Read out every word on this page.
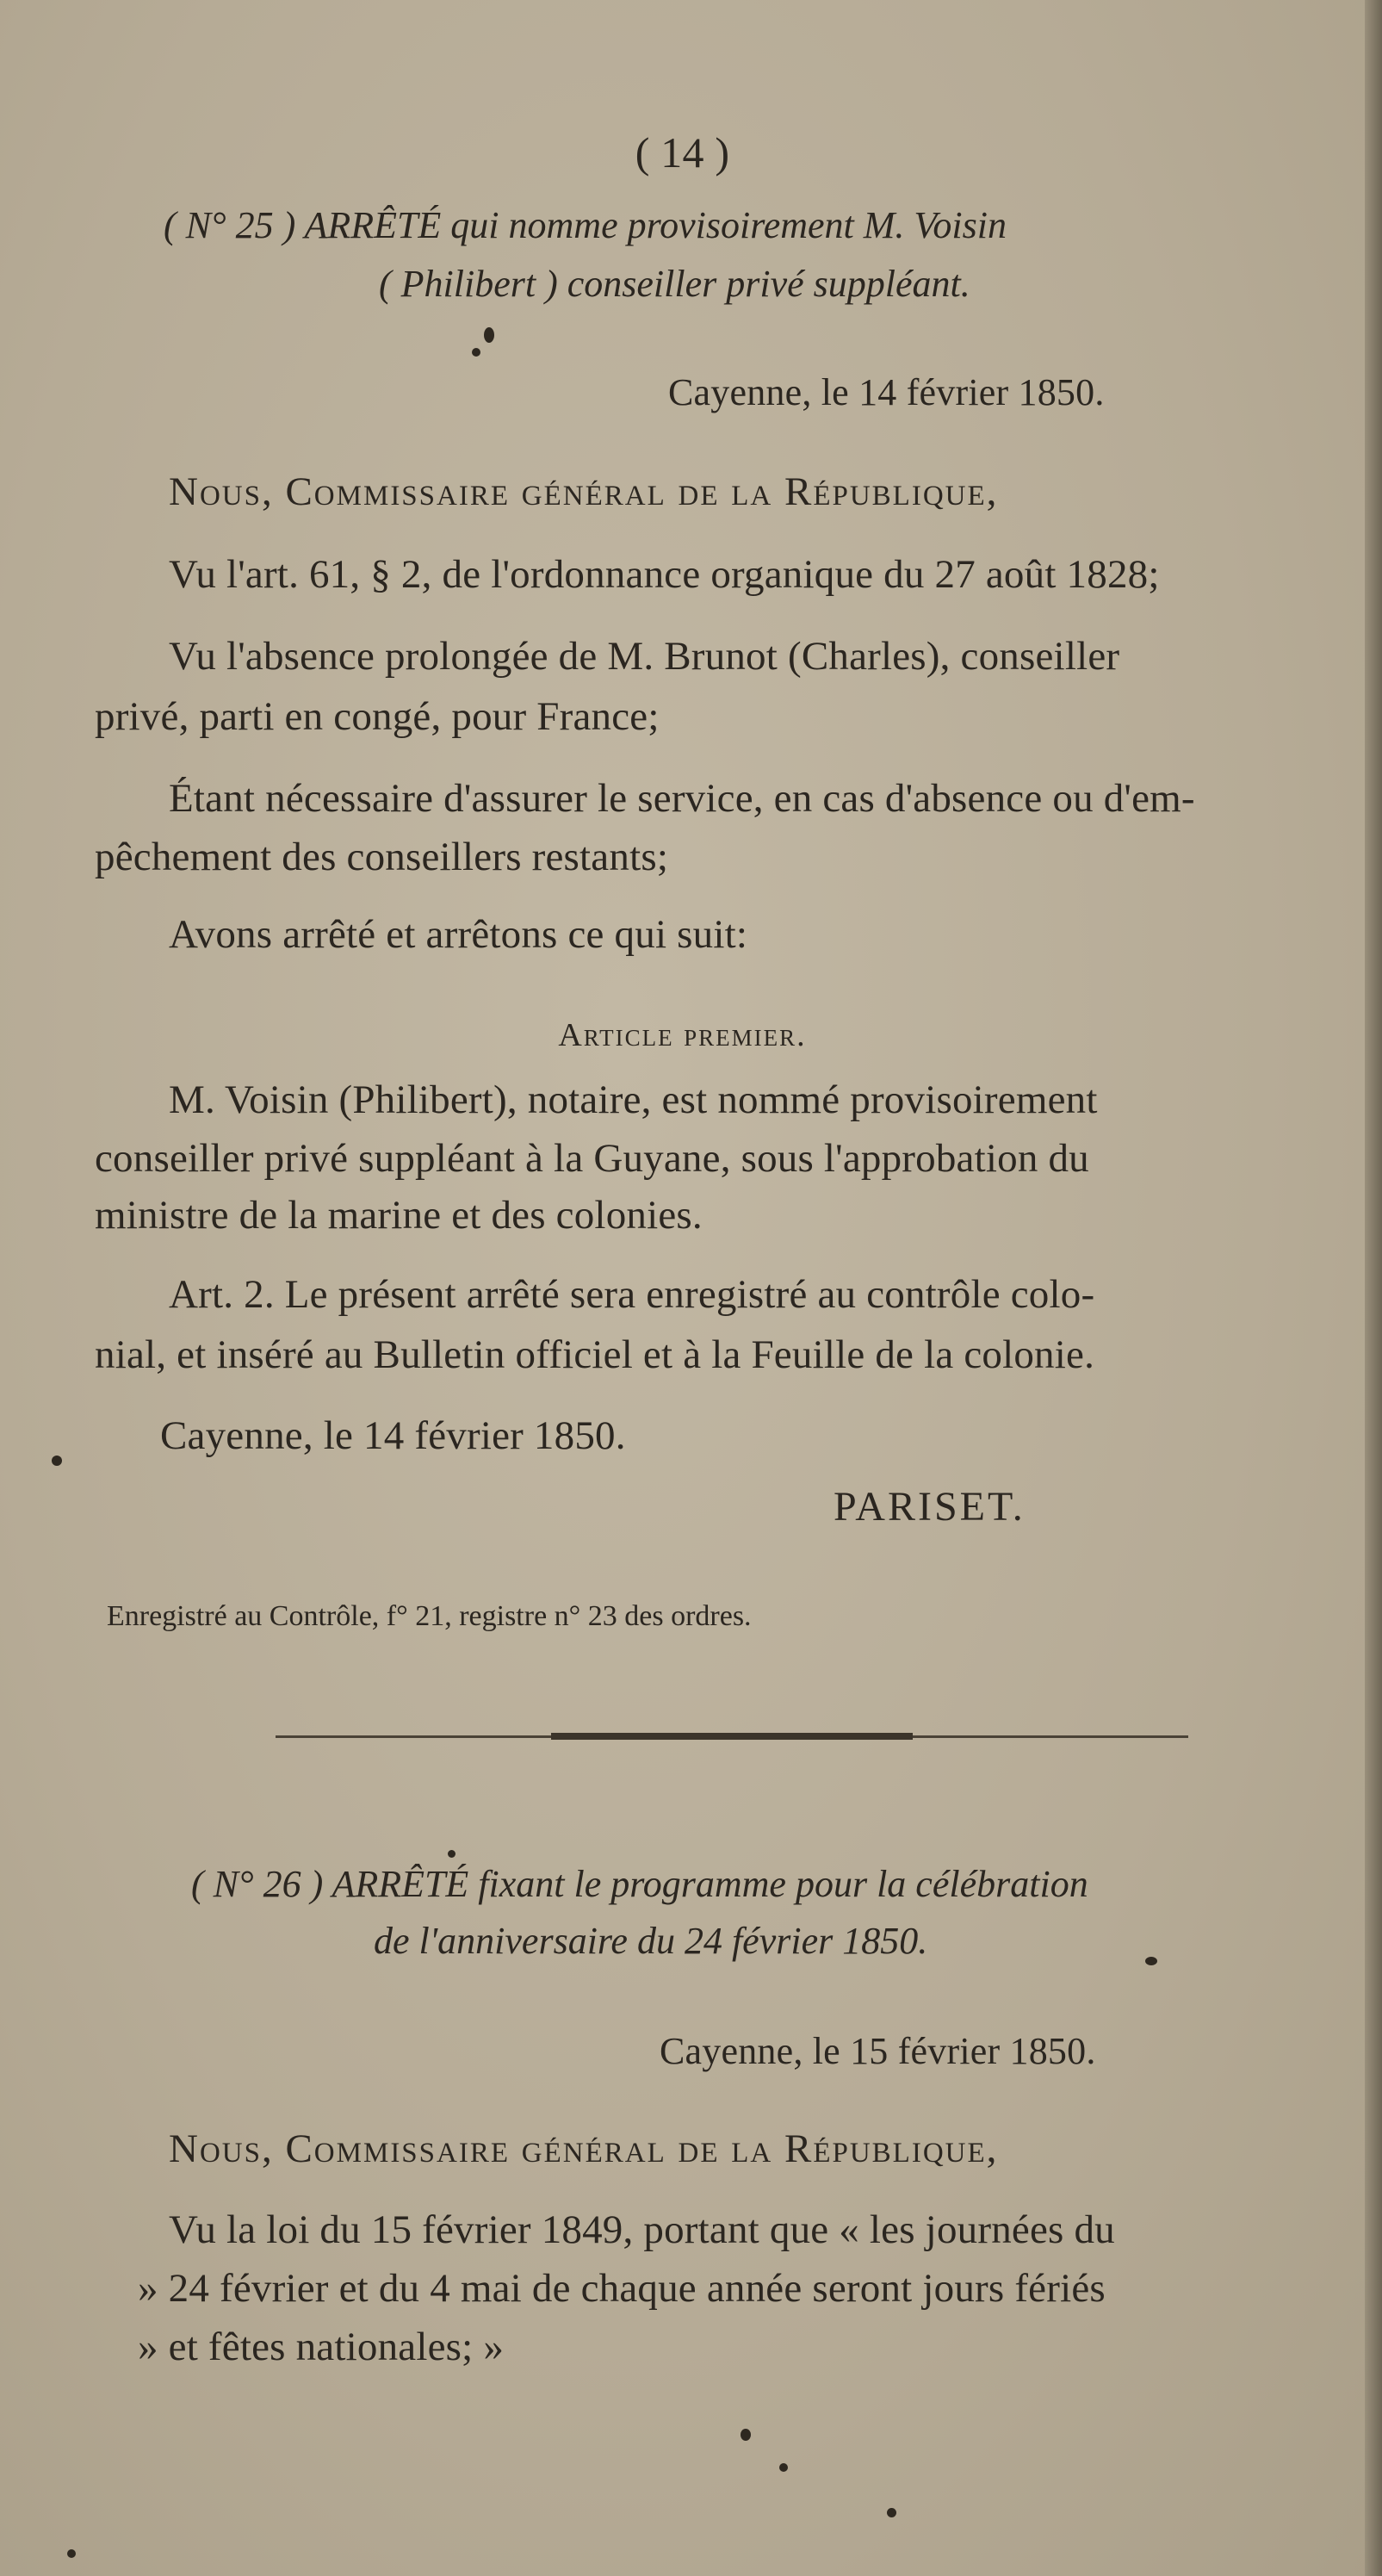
( 14 )
( N° 25 ) ARRÊTÉ qui nomme provisoirement M. Voisin
( Philibert ) conseiller privé suppléant.
Cayenne, le 14 février 1850.
Nous, Commissaire général de la République,
Vu l'art. 61, § 2, de l'ordonnance organique du 27 août 1828;
Vu l'absence prolongée de M. Brunot (Charles), conseiller
privé, parti en congé, pour France;
Étant nécessaire d'assurer le service, en cas d'absence ou d'em-
pêchement des conseillers restants;
Avons arrêté et arrêtons ce qui suit:
Article premier.
M. Voisin (Philibert), notaire, est nommé provisoirement
conseiller privé suppléant à la Guyane, sous l'approbation du
ministre de la marine et des colonies.
Art. 2. Le présent arrêté sera enregistré au contrôle colo-
nial, et inséré au Bulletin officiel et à la Feuille de la colonie.
Cayenne, le 14 février 1850.
PARISET.
Enregistré au Contrôle, f° 21, registre n° 23 des ordres.
( N° 26 ) ARRÊTÉ fixant le programme pour la célébration
de l'anniversaire du 24 février 1850.
Cayenne, le 15 février 1850.
Nous, Commissaire général de la République,
Vu la loi du 15 février 1849, portant que « les journées du
» 24 février et du 4 mai de chaque année seront jours fériés
» et fêtes nationales; »
